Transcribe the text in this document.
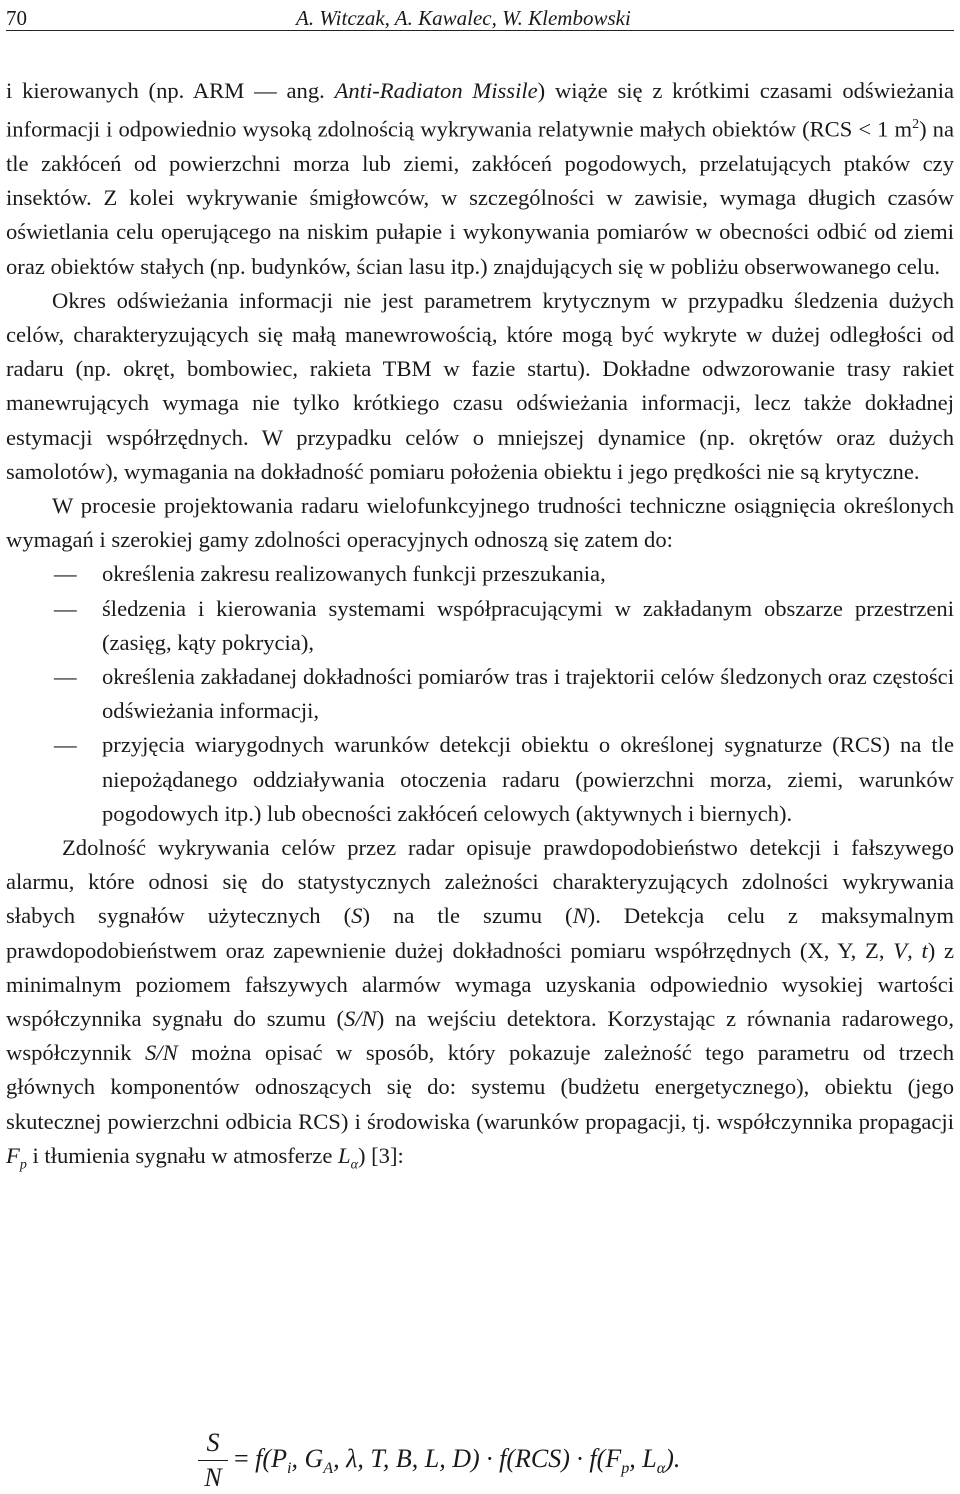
70	A. Witczak, A. Kawalec, W. Klembowski

i kierowanych (np. ARM — ang. Anti-Radiaton Missile) wiąże się z krótkimi czasami odświeżania informacji i odpowiednio wysoką zdolnością wykrywania relatywnie małych obiektów (RCS < 1 $m^2$) na tle zakłóceń od powierzchni morza lub ziemi, zakłóceń pogodowych, przelatujących ptaków czy insektów. Z kolei wykrywanie śmigłowców, w szczególności w zawisie, wymaga długich czasów oświetlania celu operującego na niskim pułapie i wykonywania pomiarów w obecności odbić od ziemi oraz obiektów stałych (np. budynków, ścian lasu itp.) znajdujących się w pobliżu obserwowanego celu.

Okres odświeżania informacji nie jest parametrem krytycznym w przypadku śledzenia dużych celów, charakteryzujących się małą manewrowością, które mogą być wykryte w dużej odległości od radaru (np. okręt, bombowiec, rakieta TBM w fazie startu). Dokładne odwzorowanie trasy rakiet manewrujących wymaga nie tylko krótkiego czasu odświeżania informacji, lecz także dokładnej estymacji współrzędnych. W przypadku celów o mniejszej dynamice (np. okrętów oraz dużych samolotów), wymagania na dokładność pomiaru położenia obiektu i jego prędkości nie są krytyczne.

W procesie projektowania radaru wielofunkcyjnego trudności techniczne osiągnięcia określonych wymagań i szerokiej gamy zdolności operacyjnych odnoszą się zatem do:

— określenia zakresu realizowanych funkcji przeszukania,
— śledzenia i kierowania systemami współpracującymi w zakładanym obszarze przestrzeni (zasięg, kąty pokrycia),
— określenia zakładanej dokładności pomiarów tras i trajektorii celów śledzonych oraz częstości odświeżania informacji,
— przyjęcia wiarygodnych warunków detekcji obiektu o określonej sygnaturze (RCS) na tle niepożądanego oddziaływania otoczenia radaru (powierzchni morza, ziemi, warunków pogodowych itp.) lub obecności zakłóceń celowych (aktywnych i biernych).

Zdolność wykrywania celów przez radar opisuje prawdopodobieństwo detekcji i fałszywego alarmu, które odnosi się do statystycznych zależności charakteryzujących zdolności wykrywania słabych sygnałów użytecznych (S) na tle szumu (N). Detekcja celu z maksymalnym prawdopodobieństwem oraz zapewnienie dużej dokładności pomiaru współrzędnych (X, Y, Z, V, t) z minimalnym poziomem fałszywych alarmów wymaga uzyskania odpowiednio wysokiej wartości współczynnika sygnału do szumu (S/N) na wejściu detektora. Korzystając z równania radarowego, współczynnik S/N można opisać w sposób, który pokazuje zależność tego parametru od trzech głównych komponentów odnoszących się do: systemu (budżetu energetycznego), obiektu (jego skutecznej powierzchni odbicia RCS) i środowiska (warunków propagacji, tj. współczynnika propagacji $F_p$ i tłumienia sygnału w atmosferze $L_\alpha$) [3]:

S
N
= $f(P_i$, $G_A$, λ, T, B, L, $D) \cdot f(RCS) \cdot f(F_p$, $L_\alpha$).
